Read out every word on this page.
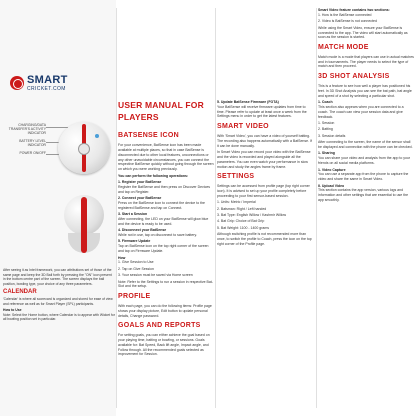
SMART
CRICKET.COM
CHARGING/DATA TRANSFER'S ACTIVITY INDICATOR
BATTERY LEVEL INDICATOR
POWER ON/OFF

After seeing it as Intel framework, you can attributions set of those of the same page and keep the 3D Ball forth by pressing the "ON" icon present in the bottom centre part of the screen. The screen displays the ball position, bowling type, your choice of any three parameters.

CALENDAR

'Calendar' is where all scorecard is organized and stored for ease of view and reference as well as for Smart Player (SPL) participants.

How to Use

Note: Select the Home button, where Calendar is to appear with Wicket for all bowling position set in particular.

USER MANUAL FOR PLAYERS
BATSENSE ICON

For your convenience, BatSense icon has been made available at multiple places, so that in case BatSense is disconnected due to other local features, unconnections or any other unavoidable circumstances, you can connect the respective BatSense quickly without going through the screen on which you were working previously.

You can perform the following operations:
1. Register your BatSense

Register the BatSense and then press on Discover Devices and tap on Register.

2. Connect your BatSense

Press on the BatSense icon to connect the device to the registered BatSense and tap on Connect.

3. Start a Session

After connecting, the LED on your BatSense will glow blue and the device is ready to be used.

4. Disconnect your BatSense

While not in use, tap on disconnect to save battery.

5. Firmware Update

Tap on BatSense icon on the top right corner of the screen and tap on Firmware Update.

How

1. Give Session to Use

2. Tap on Give Session

3. Your session must be saved via Home screen

Note: Refer to the Settings to run a session in respective Bat-Slot and the setup.

PROFILE

With each page, you can do the following items: Profile page shows your display picture, Edit button to update personal details, Change password.

GOALS AND REPORTS

For setting goals, you can either achieve the goal based on your playing time, batting or bowling, or sessions. Goals available for: Bat Speed, Back lift angle, Impact angle, and Follow through. All the recommended goals selected as improvement for Session.

5. Update BatSense Firmware (FOTA)

Your BatSense will receive firmware updates from time to time. Please refer to update at least once a week from the Settings menu in order to get the latest features.

SMART VIDEO

With 'Smart Video', you can have a video of yourself batting. The recording also happens automatically with a BatSense. If it can be done manually.

In Smart Video you can record your video with the BatSense and the video is recorded and played alongside all the parameters. You can even watch your performance in slow motion and study the angles frame by frame.

SETTINGS

Settings can be accessed from profile page (top right corner icon). It is advised to set up your profile completely before proceeding to your first sensor-based session.

1. Units: Metric / Imperial

2. Batsman: Right / Left handed

3. Bat Type: English Willow / Kashmir Willow

4. Bat Grip: Choice of Bat Grip

5. Bat Weight: 1100 - 1400 grams

Although switching profile is not recommended more than once, to switch the profile to Coach, press the icon on the top right corner of the Profile page.

Smart Video feature contains two sections:

1. How is the BatSense connected

2. Video is BatSense is not connected

While using the Smart Video, ensure your BatSense is connected to the app. The video will start automatically as soon as the session is started.

MATCH MODE

Match mode is a mode that players can use in actual matches and in tournaments. The player needs to select the type of match and then proceed.

3D SHOT ANALYSIS

This is a feature to see how well a player has positioned his feet. In 3D Shot Analysis you can see the bat path, bat angle and speed of a shot by selecting a particular shot.

1. Coach

This section also appears when you are connected to a coach. The coach can view your session data and give feedback.

1. Session

2. Batting

3. Session details

After connecting to the screen, the name of the sensor shall be displayed and connection with the phone can be checked.

1. Sharing

You can share your video and analysis from the app to your friends on all social media platforms.

1. Video Capture

You can use a separate app from the phone to capture the video and share the same in Smart Video.

II. Upload Video

This section contains the app version, various logs and information and other settings that are essential to use the app smoothly.
